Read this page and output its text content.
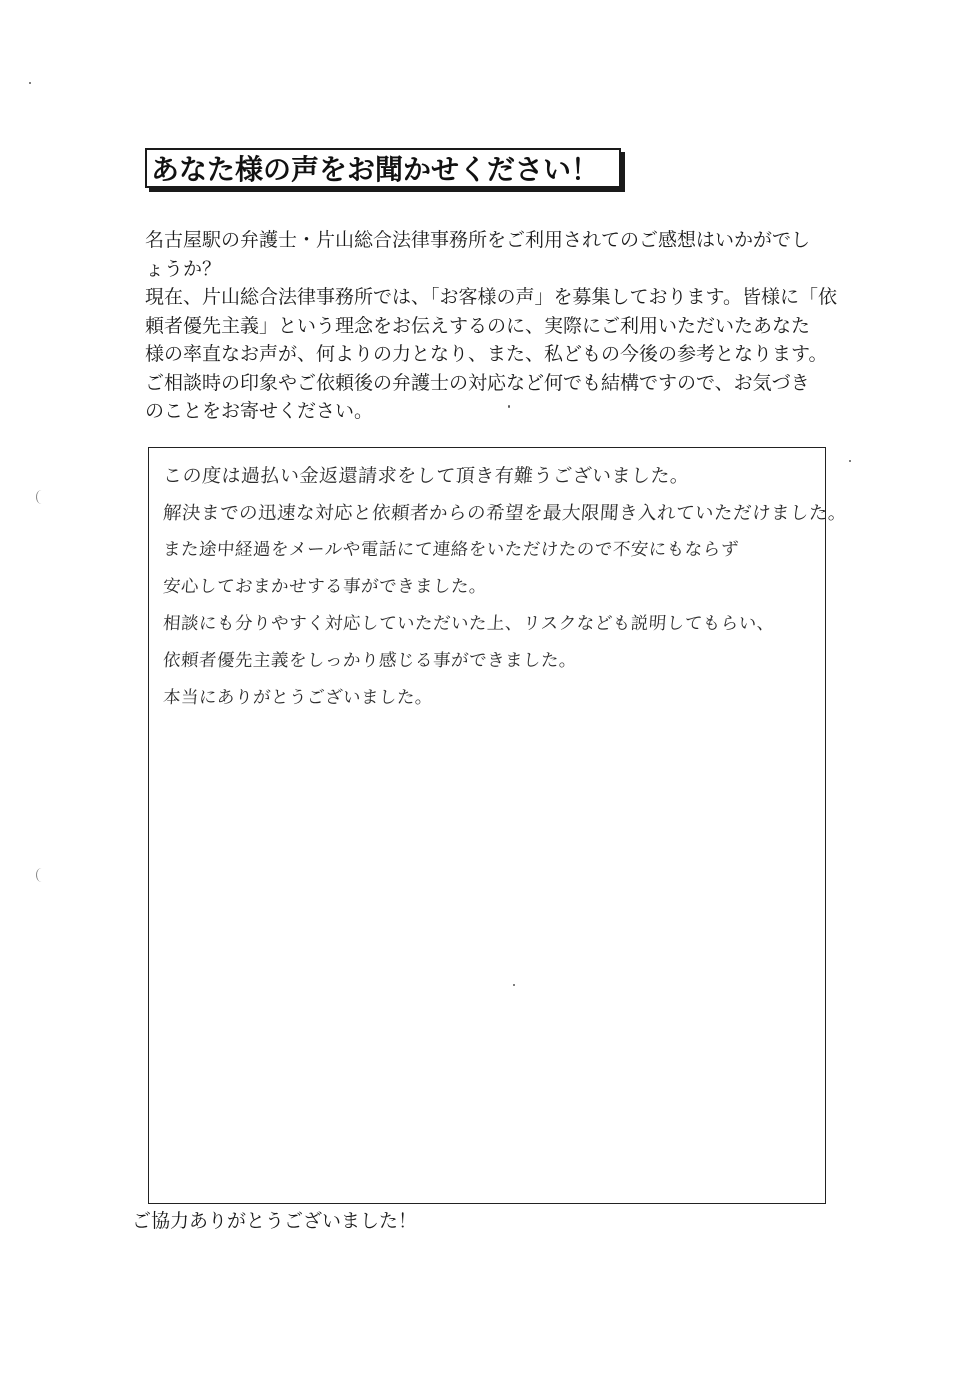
あなた様の声をお聞かせください！

名古屋駅の弁護士・片山総合法律事務所をご利用されてのご感想はいかがでし

ょうか？

現在、片山総合法律事務所では、「お客様の声」を募集しております。皆様に「依

頼者優先主義」という理念をお伝えするのに、実際にご利用いただいたあなた

様の率直なお声が、何よりの力となり、また、私どもの今後の参考となります。

ご相談時の印象やご依頼後の弁護士の対応など何でも結構ですので、お気づき

のことをお寄せください。

この度は過払い金返還請求をして頂き有難うございました。
解決までの迅速な対応と依頼者からの希望を最大限聞き入れていただけました。
また途中経過をメールや電話にて連絡をいただけたので不安にもならず
安心しておまかせする事ができました。
相談にも分りやすく対応していただいた上、リスクなども説明してもらい、
依頼者優先主義をしっかり感じる事ができました。
本当にありがとうございました。
ご協力ありがとうございました！
